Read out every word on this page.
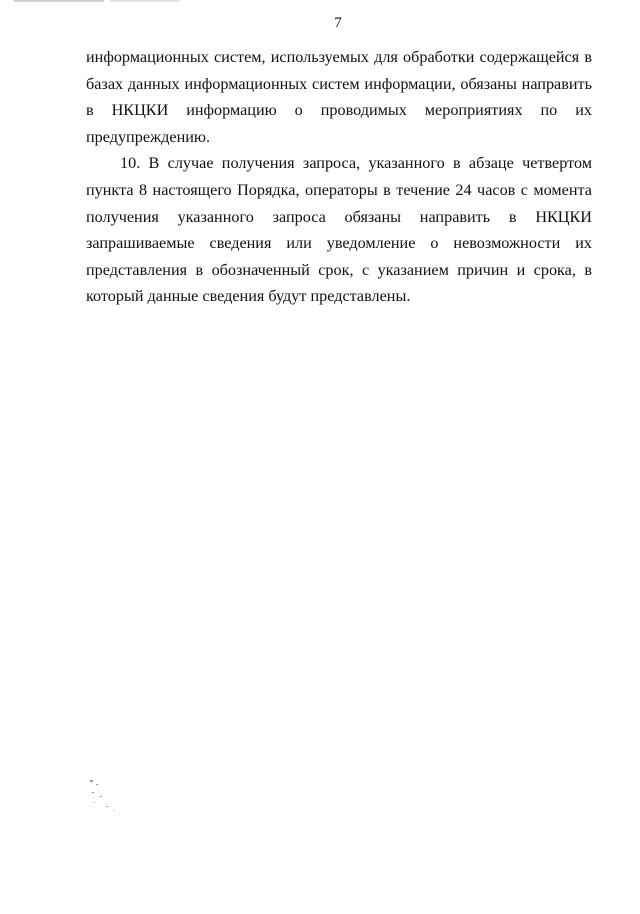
7

информационных систем, используемых для обработки содержащейся в базах данных информационных систем информации, обязаны направить в НКЦКИ информацию о проводимых мероприятиях по их предупреждению.

10. В случае получения запроса, указанного в абзаце четвертом пункта 8 настоящего Порядка, операторы в течение 24 часов с момента получения указанного запроса обязаны направить в НКЦКИ запрашиваемые сведения или уведомление о невозможности их представления в обозначенный срок, с указанием причин и срока, в который данные сведения будут представлены.
